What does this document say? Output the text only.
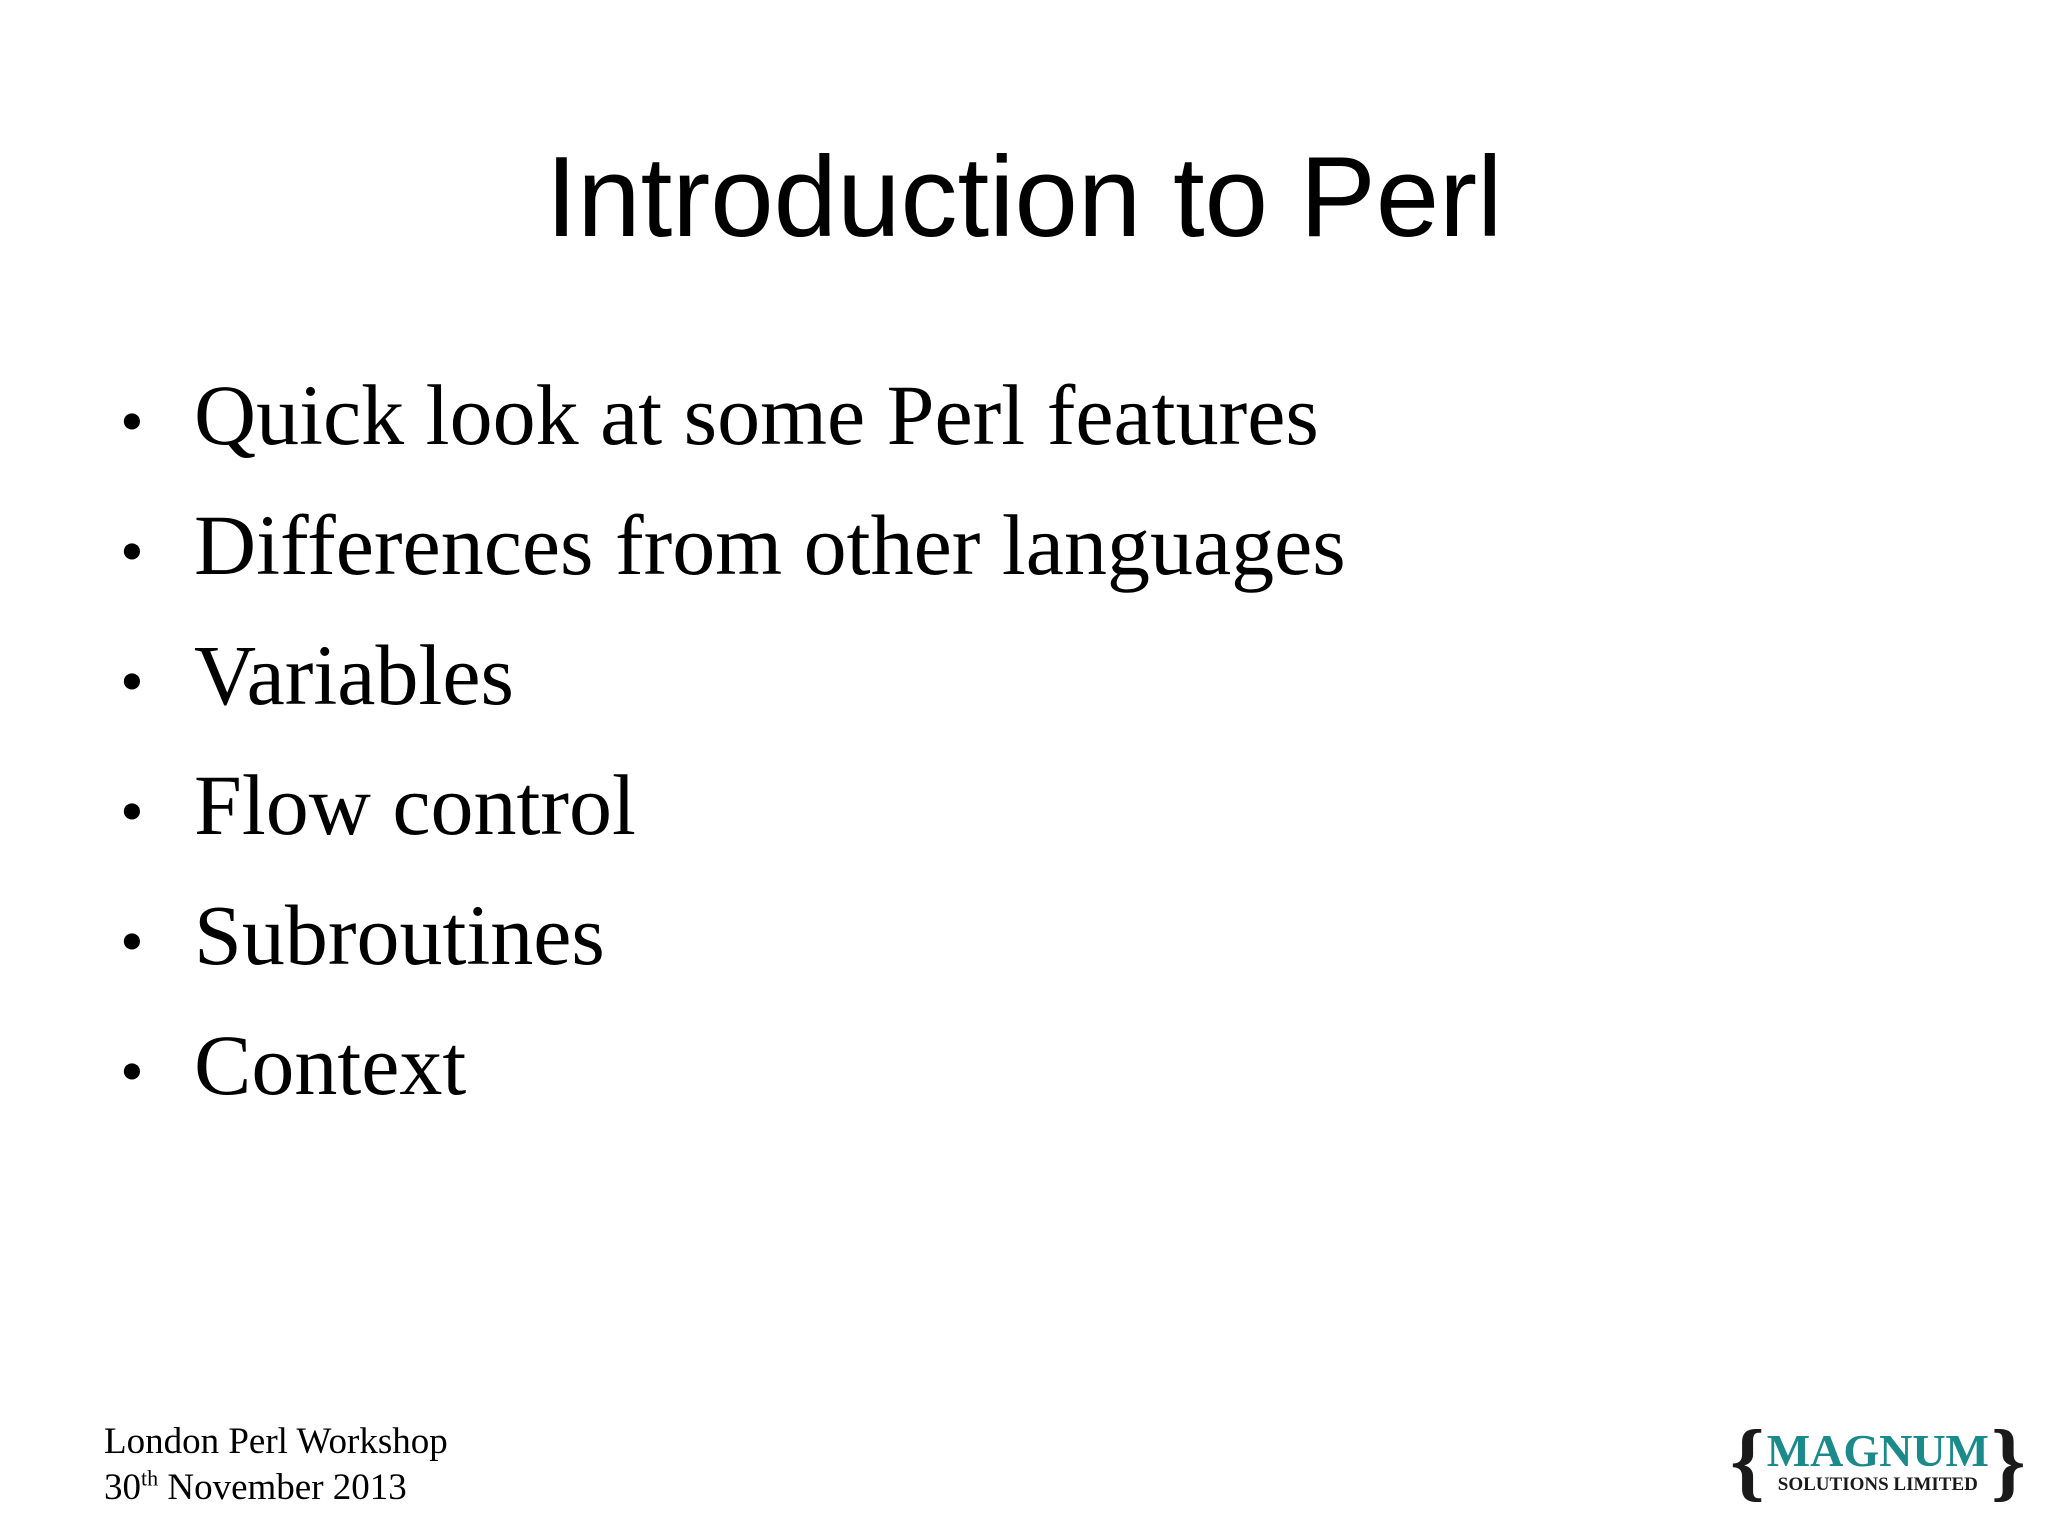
Introduction to Perl
• Quick look at some Perl features
• Differences from other languages
• Variables
• Flow control
• Subroutines
• Context
London Perl Workshop
30th November 2013	{ MAGNUM
SOLUTIONS LIMITED }
